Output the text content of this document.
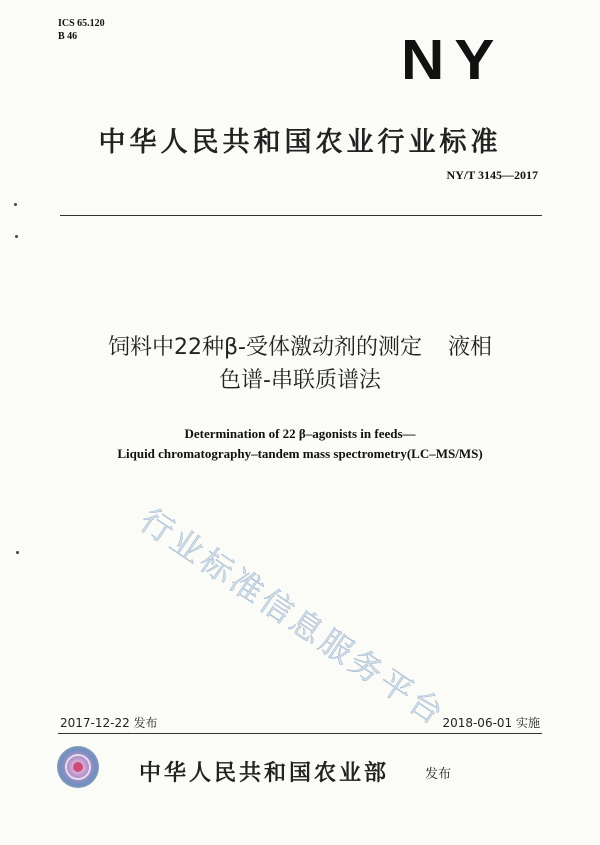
ICS 65.120
B 46	NY
中华人民共和国农业行业标准
NY/T 3145—2017
饲料中22种β-受体激动剂的测定 液相
色谱-串联质谱法
Determination of 22 β–agonists in feeds—
Liquid chromatography–tandem mass spectrometry(LC–MS/MS)
行业标准信息服务平台
2017-12-22 发布	2018-06-01 实施
中华人民共和国农业部	发布
